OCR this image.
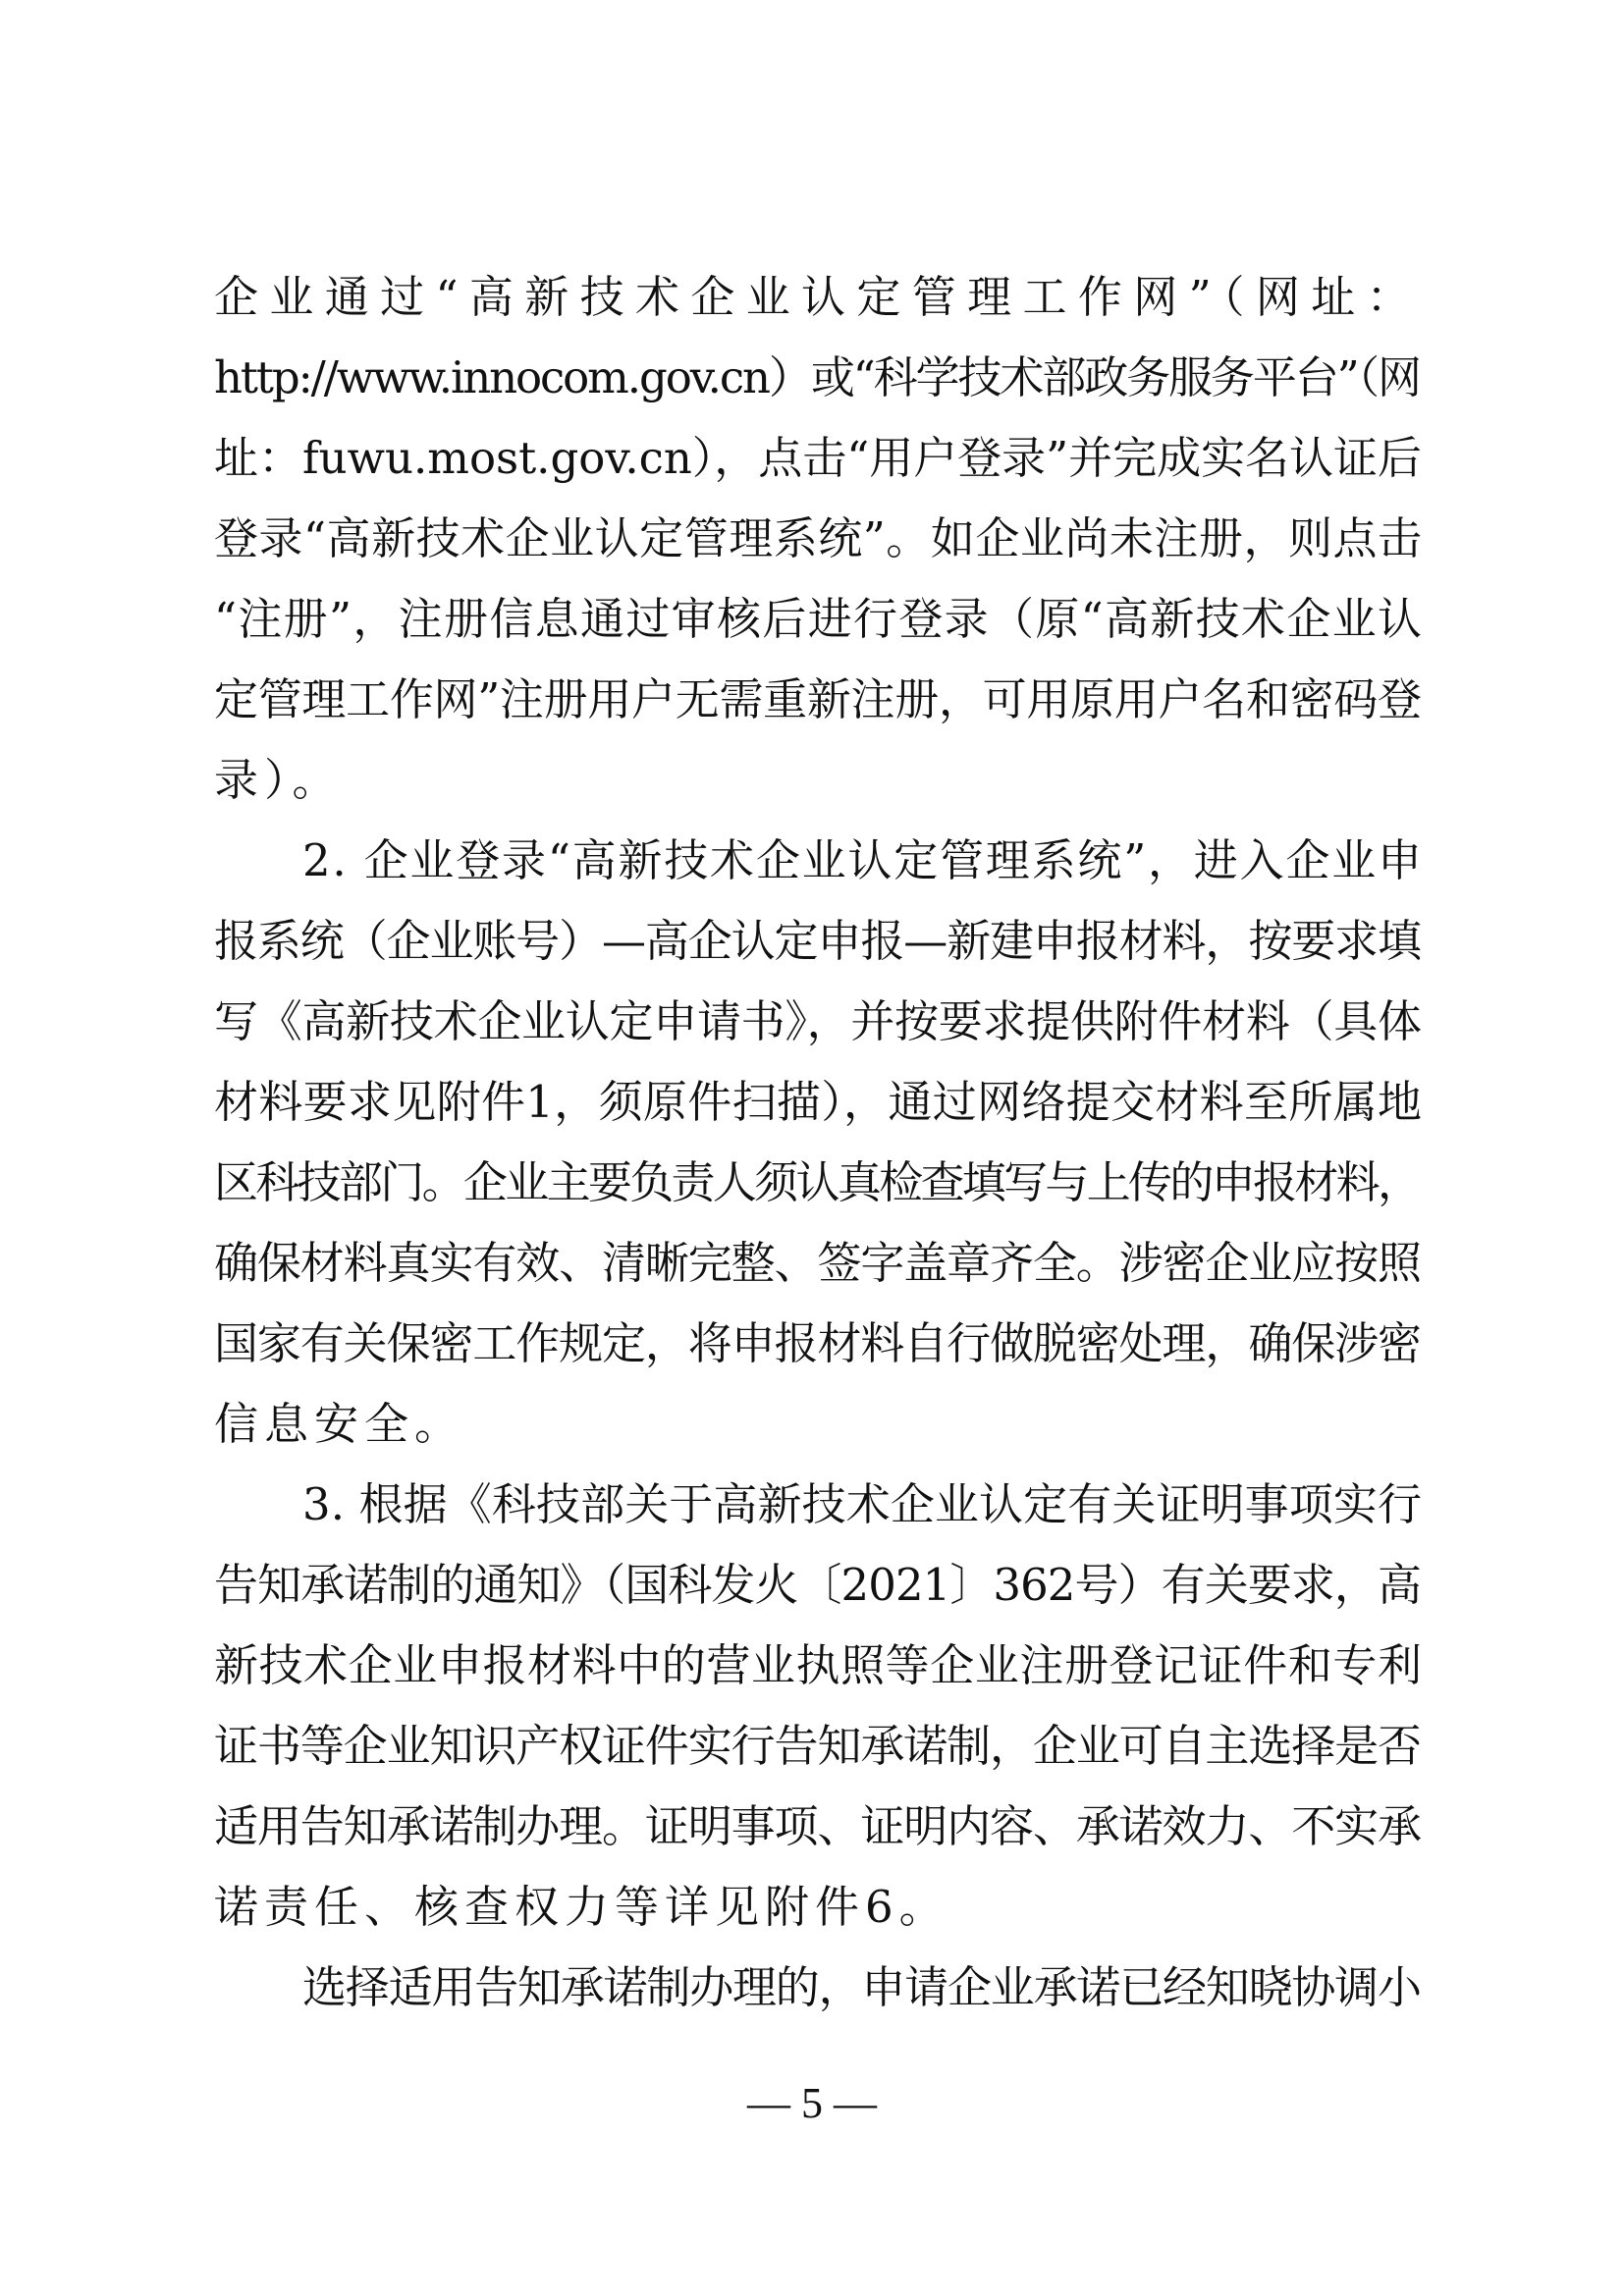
企业通过“高新技术企业认定管理工作网”（网址：
http://www.innocom.gov.cn）或“科学技术部政务服务平台”（网
址：fuwu.most.gov.cn），点击“用户登录”并完成实名认证后
登录“高新技术企业认定管理系统”。如企业尚未注册，则点击
“注册”，注册信息通过审核后进行登录（原“高新技术企业认
定管理工作网”注册用户无需重新注册，可用原用户名和密码登
录）。
2. 企业登录“高新技术企业认定管理系统”，进入企业申
报系统（企业账号）—高企认定申报—新建申报材料，按要求填
写《高新技术企业认定申请书》，并按要求提供附件材料（具体
材料要求见附件1，须原件扫描），通过网络提交材料至所属地
区科技部门。企业主要负责人须认真检查填写与上传的申报材料，
确保材料真实有效、清晰完整、签字盖章齐全。涉密企业应按照
国家有关保密工作规定，将申报材料自行做脱密处理，确保涉密
信息安全。
3. 根据《科技部关于高新技术企业认定有关证明事项实行
告知承诺制的通知》（国科发火〔2021〕362号）有关要求，高
新技术企业申报材料中的营业执照等企业注册登记证件和专利
证书等企业知识产权证件实行告知承诺制，企业可自主选择是否
适用告知承诺制办理。证明事项、证明内容、承诺效力、不实承
诺责任、核查权力等详见附件6。
选择适用告知承诺制办理的，申请企业承诺已经知晓协调小
— 5 —
